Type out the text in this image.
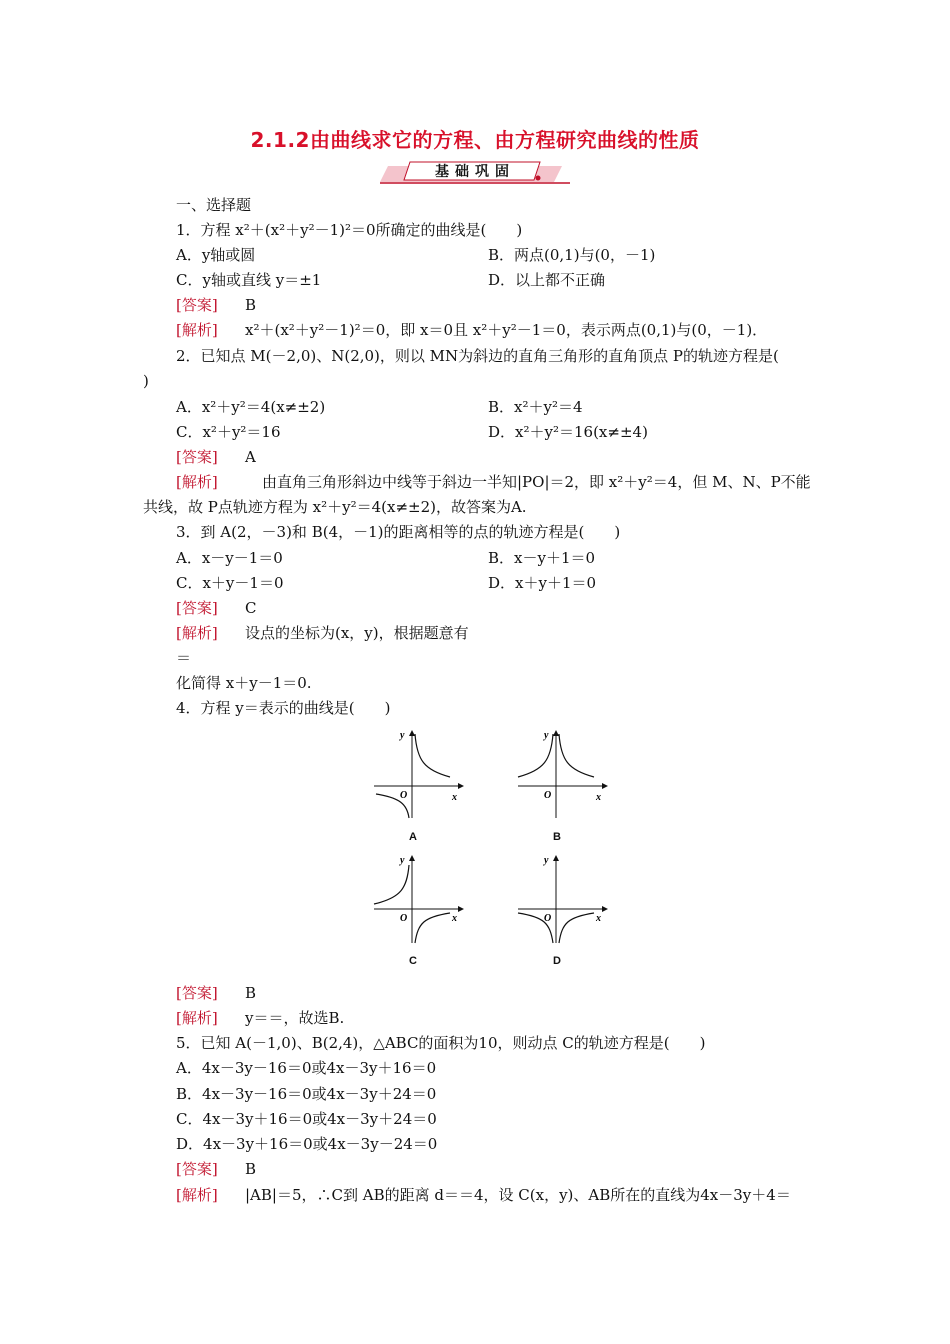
2.1.2由曲线求它的方程、由方程研究曲线的性质
基础巩固
一、选择题
1．方程 x²＋(x²＋y²－1)²＝0所确定的曲线是(　　)
A．y轴或圆	B．两点(0,1)与(0，－1)
C．y轴或直线 y＝±1	D．以上都不正确
[答案] B
[解析] x²＋(x²＋y²－1)²＝0，即 x＝0且 x²＋y²－1＝0，表示两点(0,1)与(0，－1)．
2．已知点 M(－2,0)、N(2,0)，则以 MN为斜边的直角三角形的直角顶点 P的轨迹方程是(
)
A．x²＋y²＝4(x≠±2)	B．x²＋y²＝4
C．x²＋y²＝16	D．x²＋y²＝16(x≠±4)
[答案] A
[解析]	由直角三角形斜边中线等于斜边一半知|PO|＝2，即 x²＋y²＝4，但 M、N、P不能
共线，故 P点轨迹方程为 x²＋y²＝4(x≠±2)，故答案为A.
3．到 A(2，－3)和 B(4，－1)的距离相等的点的轨迹方程是(　　)
A．x－y－1＝0	B．x－y＋1＝0
C．x＋y－1＝0	D．x＋y＋1＝0
[答案] C
[解析] 设点的坐标为(x，y)，根据题意有
＝
化简得 x＋y－1＝0.
4．方程 y＝表示的曲线是(　　)
O	x
y
A
O	x
y
B
O	x
y
C
O	x
y
D
[答案] B
[解析] y＝＝，故选B.
5．已知 A(－1,0)、B(2,4)，△ABC的面积为10，则动点 C的轨迹方程是(　　)
A．4x－3y－16＝0或4x－3y＋16＝0
B．4x－3y－16＝0或4x－3y＋24＝0
C．4x－3y＋16＝0或4x－3y＋24＝0
D．4x－3y＋16＝0或4x－3y－24＝0
[答案] B
[解析] |AB|＝5，∴C到 AB的距离 d＝＝4，设 C(x，y)、AB所在的直线为4x－3y＋4＝
